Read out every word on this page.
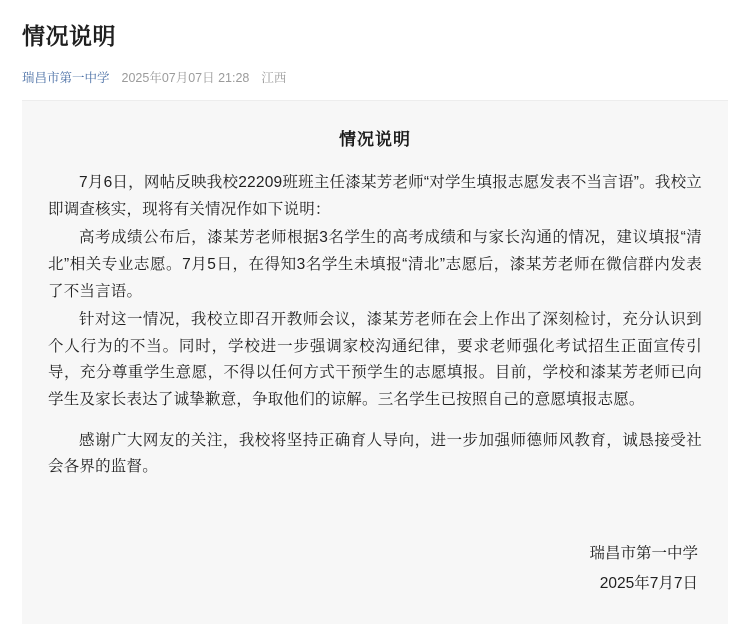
情况说明
瑞昌市第一中学 2025年07月07日 21:28 江西
情况说明

7月6日，网帖反映我校22209班班主任漆某芳老师“对学生填报志愿发表不当言语”。我校立即调查核实，现将有关情况作如下说明：

高考成绩公布后，漆某芳老师根据3名学生的高考成绩和与家长沟通的情况，建议填报“清北”相关专业志愿。7月5日，在得知3名学生未填报“清北”志愿后，漆某芳老师在微信群内发表了不当言语。

针对这一情况，我校立即召开教师会议，漆某芳老师在会上作出了深刻检讨，充分认识到个人行为的不当。同时，学校进一步强调家校沟通纪律，要求老师强化考试招生正面宣传引导，充分尊重学生意愿，不得以任何方式干预学生的志愿填报。目前，学校和漆某芳老师已向学生及家长表达了诚挚歉意，争取他们的谅解。三名学生已按照自己的意愿填报志愿。

感谢广大网友的关注，我校将坚持正确育人导向，进一步加强师德师风教育，诚恳接受社会各界的监督。

瑞昌市第一中学
2025年7月7日
